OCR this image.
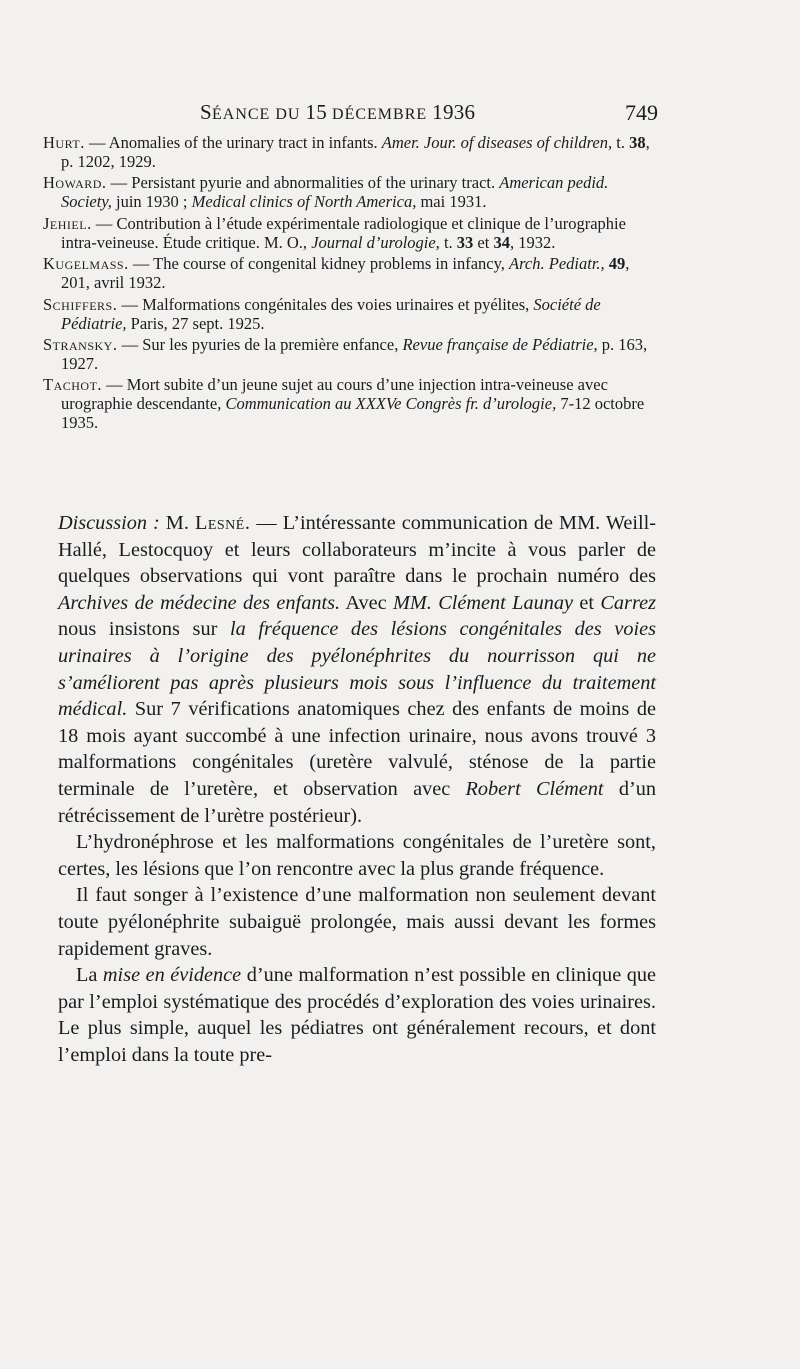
SÉANCE DU 15 DÉCEMBRE 1936	749
Hurt. — Anomalies of the urinary tract in infants. Amer. Jour. of diseases of children, t. 38, p. 1202, 1929.
Howard. — Persistant pyurie and abnormalities of the urinary tract. American pedid. Society, juin 1930 ; Medical clinics of North America, mai 1931.
Jehiel. — Contribution à l’étude expérimentale radiologique et clinique de l’urographie intra-veineuse. Étude critique. M. O., Journal d’urologie, t. 33 et 34, 1932.
Kugelmass. — The course of congenital kidney problems in infancy, Arch. Pediatr., 49, 201, avril 1932.
Schiffers. — Malformations congénitales des voies urinaires et pyélites, Société de Pédiatrie, Paris, 27 sept. 1925.
Stransky. — Sur les pyuries de la première enfance, Revue française de Pédiatrie, p. 163, 1927.
Tachot. — Mort subite d’un jeune sujet au cours d’une injection intra-veineuse avec urographie descendante, Communication au XXXVe Congrès fr. d’urologie, 7-12 octobre 1935.

Discussion : M. Lesné. — L’intéressante communication de MM. Weill-Hallé, Lestocquoy et leurs collaborateurs m’incite à vous parler de quelques observations qui vont paraître dans le prochain numéro des Archives de médecine des enfants. Avec MM. Clément Launay et Carrez nous insistons sur la fréquence des lésions congénitales des voies urinaires à l’origine des pyélonéphrites du nourrisson qui ne s’améliorent pas après plusieurs mois sous l’influence du traitement médical. Sur 7 vérifications anatomiques chez des enfants de moins de 18 mois ayant succombé à une infection urinaire, nous avons trouvé 3 malformations congénitales (uretère valvulé, sténose de la partie terminale de l’uretère, et observation avec Robert Clément d’un rétrécissement de l’urètre postérieur).

L’hydronéphrose et les malformations congénitales de l’uretère sont, certes, les lésions que l’on rencontre avec la plus grande fréquence.

Il faut songer à l’existence d’une malformation non seulement devant toute pyélonéphrite subaiguë prolongée, mais aussi devant les formes rapidement graves.

La mise en évidence d’une malformation n’est possible en clinique que par l’emploi systématique des procédés d’exploration des voies urinaires. Le plus simple, auquel les pédiatres ont généralement recours, et dont l’emploi dans la toute pre-
